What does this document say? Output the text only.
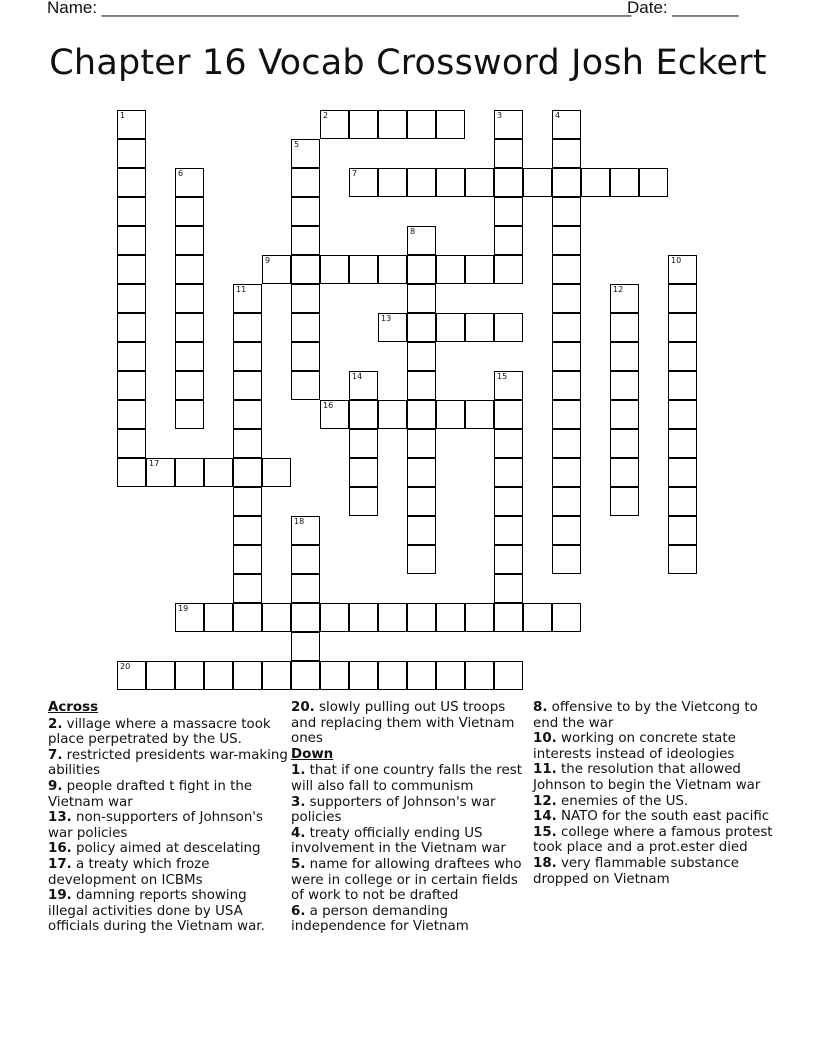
Name: ________________________________________________________
Date: _______
Chapter 16 Vocab Crossword Josh Eckert
2
7
9
13
16
17
19
20
1	3	4
5
6
8
10
11	12
14	15
18
Across
2. village where a massacre took place perpetrated by the US.
7. restricted presidents war-making abilities
9. people drafted t fight in the Vietnam war
13. non-supporters of Johnson's war policies
16. policy aimed at descelating
17. a treaty which froze development on ICBMs
19. damning reports showing illegal activities done by USA officials during the Vietnam war.
20. slowly pulling out US troops and replacing them with Vietnam ones
Down
1. that if one country falls the rest will also fall to communism
3. supporters of Johnson's war policies
4. treaty officially ending US involvement in the Vietnam war
5. name for allowing draftees who were in college or in certain fields of work to not be drafted
6. a person demanding independence for Vietnam
8. offensive to by the Vietcong to end the war
10. working on concrete state interests instead of ideologies
11. the resolution that allowed Johnson to begin the Vietnam war
12. enemies of the US.
14. NATO for the south east pacific
15. college where a famous protest took place and a prot.ester died
18. very flammable substance dropped on Vietnam
